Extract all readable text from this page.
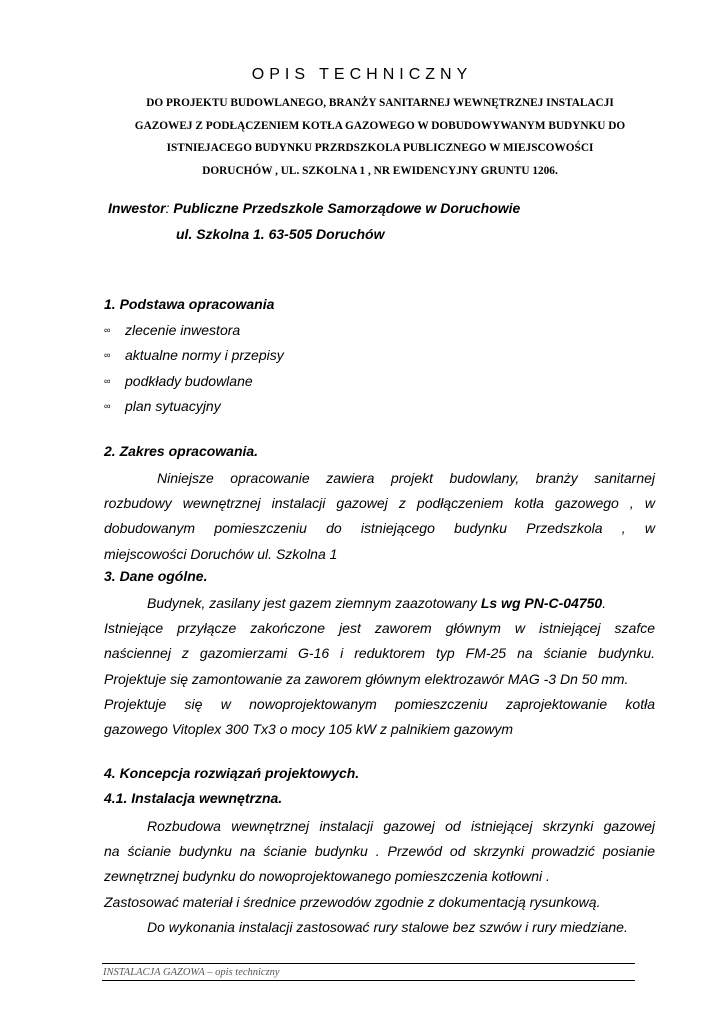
OPIS TECHNICZNY
DO PROJEKTU BUDOWLANEGO, BRANŻY SANITARNEJ WEWNĘTRZNEJ INSTALACJI
GAZOWEJ Z PODŁĄCZENIEM KOTŁA GAZOWEGO W DOBUDOWYWANYM BUDYNKU DO
ISTNIEJACEGO BUDYNKU PRZRDSZKOLA PUBLICZNEGO W MIEJSCOWOŚCI
DORUCHÓW , UL. SZKOLNA 1 , NR EWIDENCYJNY GRUNTU 1206.
Inwestor: Publiczne Przedszkole Samorządowe w Doruchowie
ul. Szkolna 1. 63-505 Doruchów
1. Podstawa opracowania
∞ zlecenie inwestora
∞ aktualne normy i przepisy
∞ podkłady budowlane
∞ plan sytuacyjny
2. Zakres opracowania.
Niniejsze opracowanie zawiera projekt budowlany, branży sanitarnej
rozbudowy wewnętrznej instalacji gazowej z podłączeniem kotła gazowego , w
dobudowanym pomieszczeniu do istniejącego budynku Przedszkola , w
miejscowości Doruchów ul. Szkolna 1
3. Dane ogólne.
Budynek, zasilany jest gazem ziemnym zaazotowany Ls wg PN-C-04750.
Istniejące przyłącze zakończone jest zaworem głównym w istniejącej szafce
naściennej z gazomierzami G-16 i reduktorem typ FM-25 na ścianie budynku.
Projektuje się zamontowanie za zaworem głównym elektrozawór MAG -3 Dn 50 mm.
Projektuje się w nowoprojektowanym pomieszczeniu zaprojektowanie kotła
gazowego Vitoplex 300 Tx3 o mocy 105 kW z palnikiem gazowym
4. Koncepcja rozwiązań projektowych.
4.1. Instalacja wewnętrzna.
Rozbudowa wewnętrznej instalacji gazowej od istniejącej skrzynki gazowej
na ścianie budynku na ścianie budynku . Przewód od skrzynki prowadzić posianie
zewnętrznej budynku do nowoprojektowanego pomieszczenia kotłowni .
Zastosować materiał i średnice przewodów zgodnie z dokumentacją rysunkową.
Do wykonania instalacji zastosować rury stalowe bez szwów i rury miedziane.
INSTALACJA GAZOWA – opis techniczny
